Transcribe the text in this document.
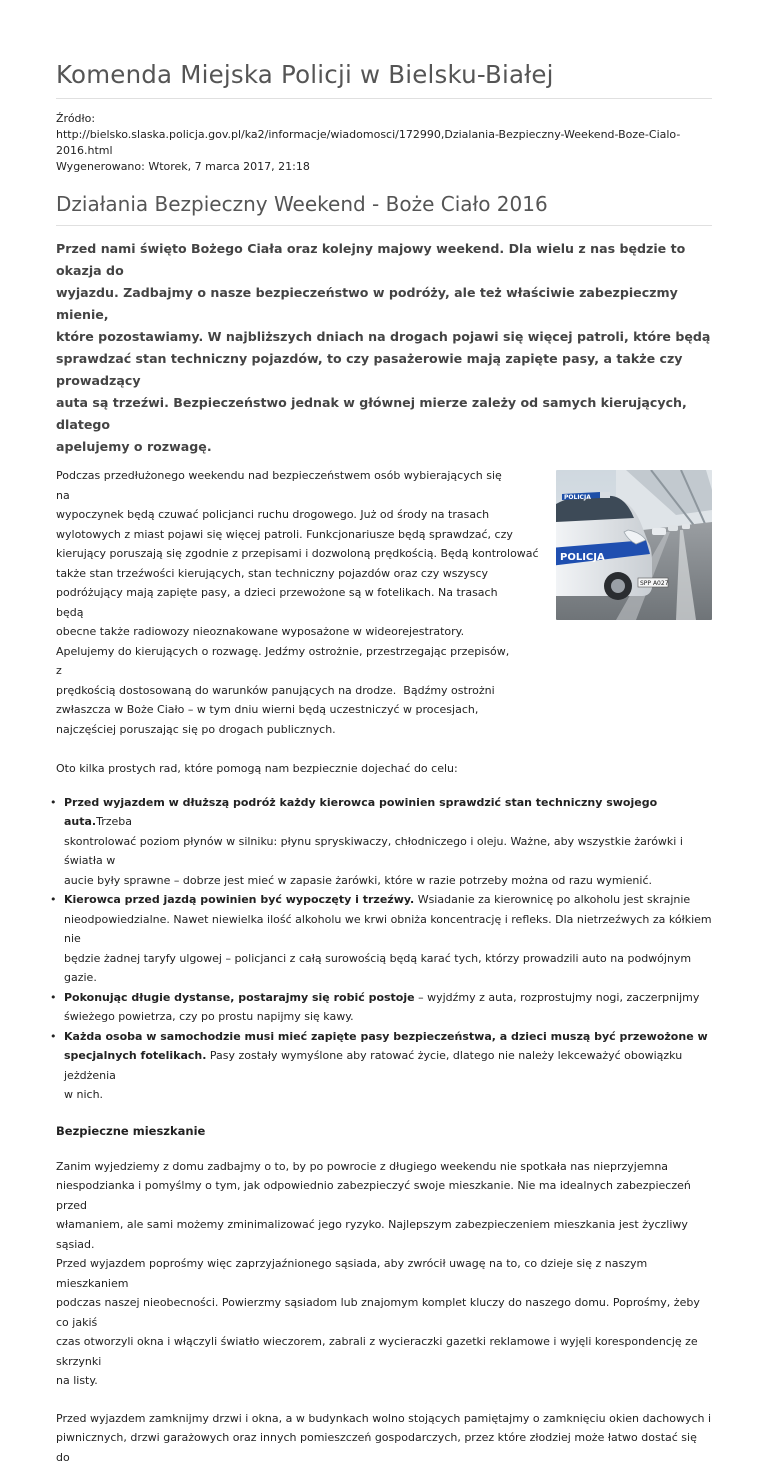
Komenda Miejska Policji w Bielsku-Białej
Źródło:
http://bielsko.slaska.policja.gov.pl/ka2/informacje/wiadomosci/172990,Dzialania-Bezpieczny-Weekend-Boze-Cialo-2016.html
Wygenerowano: Wtorek, 7 marca 2017, 21:18
Działania Bezpieczny Weekend - Boże Ciało 2016
Przed nami święto Bożego Ciała oraz kolejny majowy weekend. Dla wielu z nas będzie to okazja do
wyjazdu. Zadbajmy o nasze bezpieczeństwo w podróży, ale też właściwie zabezpieczmy mienie,
które pozostawiamy. W najbliższych dniach na drogach pojawi się więcej patroli, które będą
sprawdzać stan techniczny pojazdów, to czy pasażerowie mają zapięte pasy, a także czy prowadzący
auta są trzeźwi. Bezpieczeństwo jednak w głównej mierze zależy od samych kierujących, dlatego
apelujemy o rozwagę.
POLICJA
POLICJA
SPP A027
Podczas przedłużonego weekendu nad bezpieczeństwem osób wybierających się na
wypoczynek będą czuwać policjanci ruchu drogowego. Już od środy na trasach
wylotowych z miast pojawi się więcej patroli. Funkcjonariusze będą sprawdzać, czy
kierujący poruszają się zgodnie z przepisami i dozwoloną prędkością. Będą kontrolować
także stan trzeźwości kierujących, stan techniczny pojazdów oraz czy wszyscy
podróżujący mają zapięte pasy, a dzieci przewożone są w fotelikach. Na trasach będą
obecne także radiowozy nieoznakowane wyposażone w wideorejestratory.
Apelujemy do kierujących o rozwagę. Jedźmy ostrożnie, przestrzegając przepisów, z
prędkością dostosowaną do warunków panujących na drodze.  Bądźmy ostrożni
zwłaszcza w Boże Ciało – w tym dniu wierni będą uczestniczyć w procesjach,
najczęściej poruszając się po drogach publicznych.

Oto kilka prostych rad, które pomogą nam bezpiecznie dojechać do celu:

• Przed wyjazdem w dłuższą podróż każdy kierowca powinien sprawdzić stan techniczny swojego auta.Trzeba
skontrolować poziom płynów w silniku: płynu spryskiwaczy, chłodniczego i oleju. Ważne, aby wszystkie żarówki i światła w
aucie były sprawne – dobrze jest mieć w zapasie żarówki, które w razie potrzeby można od razu wymienić.
• Kierowca przed jazdą powinien być wypoczęty i trzeźwy. Wsiadanie za kierownicę po alkoholu jest skrajnie
nieodpowiedzialne. Nawet niewielka ilość alkoholu we krwi obniża koncentrację i refleks. Dla nietrzeźwych za kółkiem nie
będzie żadnej taryfy ulgowej – policjanci z całą surowością będą karać tych, którzy prowadzili auto na podwójnym gazie.
• Pokonując długie dystanse, postarajmy się robić postoje – wyjdźmy z auta, rozprostujmy nogi, zaczerpnijmy
świeżego powietrza, czy po prostu napijmy się kawy.
• Każda osoba w samochodzie musi mieć zapięte pasy bezpieczeństwa, a dzieci muszą być przewożone w
specjalnych fotelikach. Pasy zostały wymyślone aby ratować życie, dlatego nie należy lekceważyć obowiązku jeżdżenia
w nich.
Bezpieczne mieszkanie
Zanim wyjedziemy z domu zadbajmy o to, by po powrocie z długiego weekendu nie spotkała nas nieprzyjemna
niespodzianka i pomyślmy o tym, jak odpowiednio zabezpieczyć swoje mieszkanie. Nie ma idealnych zabezpieczeń przed
włamaniem, ale sami możemy zminimalizować jego ryzyko. Najlepszym zabezpieczeniem mieszkania jest życzliwy sąsiad.
Przed wyjazdem poprośmy więc zaprzyjaźnionego sąsiada, aby zwrócił uwagę na to, co dzieje się z naszym mieszkaniem
podczas naszej nieobecności. Powierzmy sąsiadom lub znajomym komplet kluczy do naszego domu. Poprośmy, żeby co jakiś
czas otworzyli okna i włączyli światło wieczorem, zabrali z wycieraczki gazetki reklamowe i wyjęli korespondencję ze skrzynki
na listy.
Przed wyjazdem zamknijmy drzwi i okna, a w budynkach wolno stojących pamiętajmy o zamknięciu okien dachowych i
piwnicznych, drzwi garażowych oraz innych pomieszczeń gospodarczych, przez które złodziej może łatwo dostać się do
